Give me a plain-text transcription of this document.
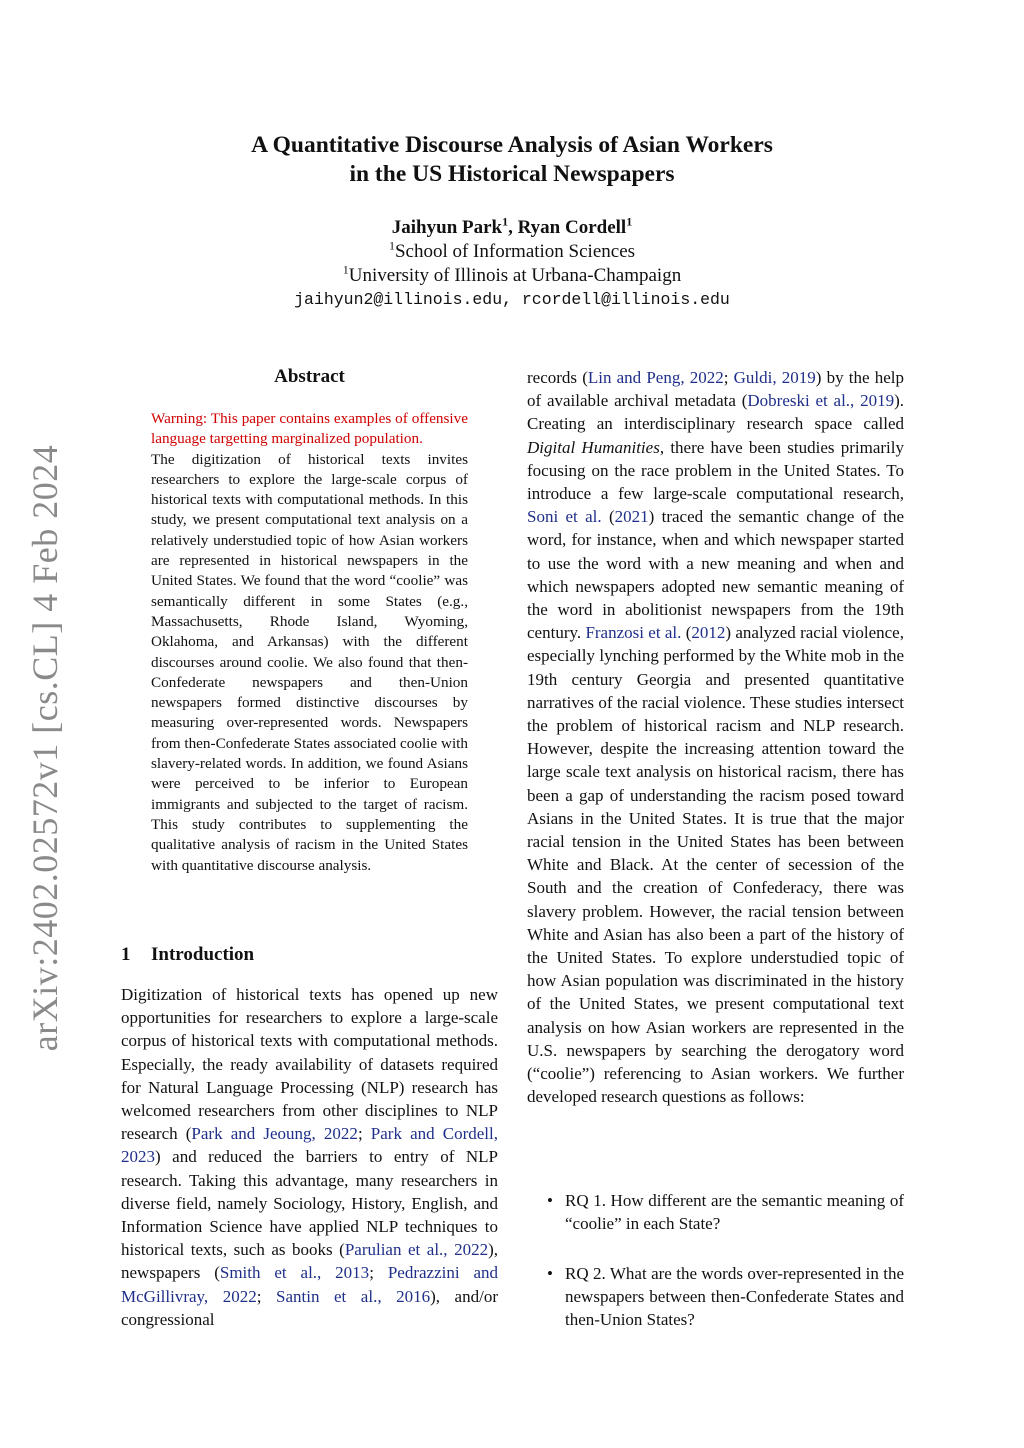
arXiv:2402.02572v1 [cs.CL] 4 Feb 2024
A Quantitative Discourse Analysis of Asian Workers
in the US Historical Newspapers
Jaihyun Park$^1$, Ryan Cordell$^1$
$^1$School of Information Sciences
$^1$University of Illinois at Urbana-Champaign
jaihyun2@illinois.edu, rcordell@illinois.edu
Abstract

Warning: This paper contains examples of offensive language targetting marginalized population.

The digitization of historical texts invites researchers to explore the large-scale corpus of historical texts with computational methods. In this study, we present computational text analysis on a relatively understudied topic of how Asian workers are represented in historical newspapers in the United States. We found that the word “coolie” was semantically different in some States (e.g., Massachusetts, Rhode Island, Wyoming, Oklahoma, and Arkansas) with the different discourses around coolie. We also found that then-Confederate newspapers and then-Union newspapers formed distinctive discourses by measuring over-represented words. Newspapers from then-Confederate States associated coolie with slavery-related words. In addition, we found Asians were perceived to be inferior to European immigrants and subjected to the target of racism. This study contributes to supplementing the qualitative analysis of racism in the United States with quantitative discourse analysis.

1 Introduction

Digitization of historical texts has opened up new opportunities for researchers to explore a large-scale corpus of historical texts with computational methods. Especially, the ready availability of datasets required for Natural Language Processing (NLP) research has welcomed researchers from other disciplines to NLP research (Park and Jeoung, 2022; Park and Cordell, 2023) and reduced the barriers to entry of NLP research. Taking this advantage, many researchers in diverse field, namely Sociology, History, English, and Information Science have applied NLP techniques to historical texts, such as books (Parulian et al., 2022), newspapers (Smith et al., 2013; Pedrazzini and McGillivray, 2022; Santin et al., 2016), and/or congressional

records (Lin and Peng, 2022; Guldi, 2019) by the help of available archival metadata (Dobreski et al., 2019). Creating an interdisciplinary research space called Digital Humanities, there have been studies primarily focusing on the race problem in the United States. To introduce a few large-scale computational research, Soni et al. (2021) traced the semantic change of the word, for instance, when and which newspaper started to use the word with a new meaning and when and which newspapers adopted new semantic meaning of the word in abolitionist newspapers from the 19th century. Franzosi et al. (2012) analyzed racial violence, especially lynching performed by the White mob in the 19th century Georgia and presented quantitative narratives of the racial violence. These studies intersect the problem of historical racism and NLP research. However, despite the increasing attention toward the large scale text analysis on historical racism, there has been a gap of understanding the racism posed toward Asians in the United States. It is true that the major racial tension in the United States has been between White and Black. At the center of secession of the South and the creation of Confederacy, there was slavery problem. However, the racial tension between White and Asian has also been a part of the history of the United States. To explore understudied topic of how Asian population was discriminated in the history of the United States, we present computational text analysis on how Asian workers are represented in the U.S. newspapers by searching the derogatory word (“coolie”) referencing to Asian workers. We further developed research questions as follows:

• RQ 1. How different are the semantic meaning of “coolie” in each State?
• RQ 2. What are the words over-represented in the newspapers between then-Confederate States and then-Union States?
